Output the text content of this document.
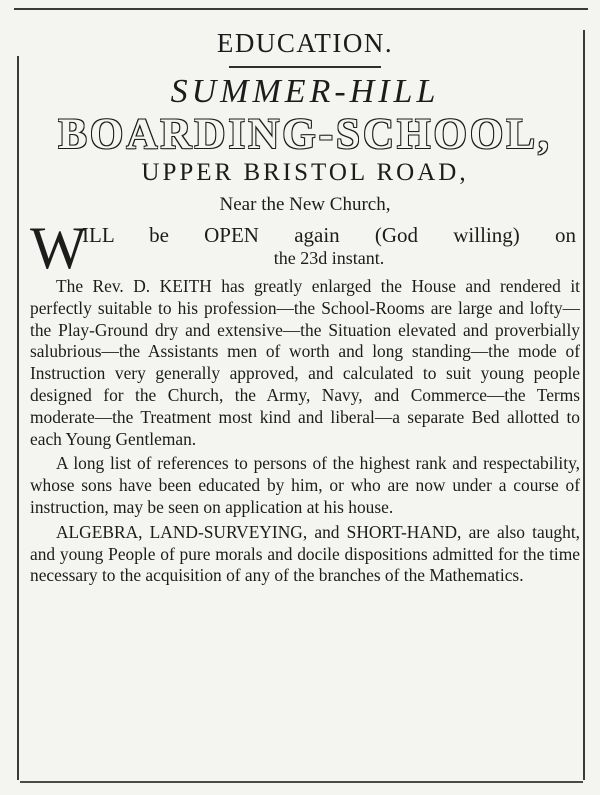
EDUCATION.
SUMMER-HILL
BOARDING-SCHOOL,
UPPER BRISTOL ROAD,
Near the New Church,
W
ILL be OPEN again (God willing) on
the 23d instant.

The Rev. D. KEITH has greatly enlarged the House and rendered it perfectly suitable to his profession—the School-Rooms are large and lofty—the Play-Ground dry and extensive—the Situation elevated and proverbially salubrious—the Assistants men of worth and long standing—the mode of Instruction very generally approved, and calculated to suit young people designed for the Church, the Army, Navy, and Commerce—the Terms moderate—the Treatment most kind and liberal—a separate Bed allotted to each Young Gentleman.

A long list of references to persons of the highest rank and respectability, whose sons have been educated by him, or who are now under a course of instruction, may be seen on application at his house.

ALGEBRA, LAND-SURVEYING, and SHORT-HAND, are also taught, and young People of pure morals and docile dispositions admitted for the time necessary to the acquisition of any of the branches of the Mathematics.
